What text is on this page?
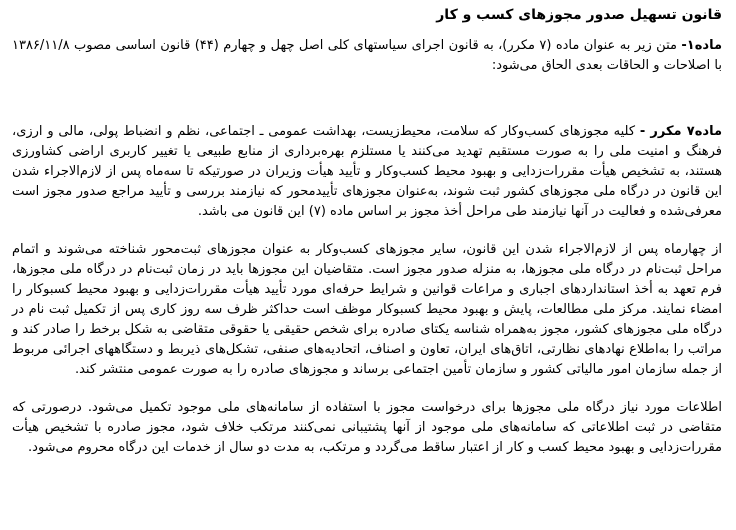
قانون تسهیل صدور مجوزهای کسب و کار

ماده۱- متن زیر به عنوان ماده (۷ مکرر)، به قانون اجرای سیاستهای کلی اصل چهل و چهارم (۴۴) قانون اساسی مصوب ۱۳۸۶/۱۱/۸ با اصلاحات و الحاقات بعدی الحاق می‌شود:

ماده۷ مکرر - کلیه مجوزهای کسب‌وکار که سلامت، محیط‌زیست، بهداشت عمومی ـ اجتماعی، نظم و انضباط پولی، مالی و ارزی، فرهنگ و امنیت ملی را به صورت مستقیم تهدید می‌کنند یا مستلزم بهره‌برداری از منابع طبیعی یا تغییر کاربری اراضی کشاورزی هستند، به تشخیص هیأت مقررات‌زدایی و بهبود محیط کسب‌وکار و تأیید هیأت وزیران در صورتیکه تا سه‌ماه پس از لازم‌الاجراء شدن این قانون در درگاه ملی مجوزهای کشور ثبت شوند، به‌عنوان مجوزهای تأییدمحور که نیازمند بررسی و تأیید مراجع صدور مجوز است معرفی‌شده و فعالیت در آنها نیازمند طی مراحل أخذ مجوز بر اساس ماده (۷) این قانون می باشد.

از چهارماه پس از لازم‌الاجراء شدن این قانون، سایر مجوزهای کسب‌وکار به عنوان مجوزهای ثبت‌محور شناخته می‌شوند و اتمام مراحل ثبت‌نام در درگاه ملی مجوزها، به منزله صدور مجوز است. متقاضیان این مجوزها باید در زمان ثبت‌نام در درگاه ملی مجوزها، فرم تعهد به أخذ استانداردهای اجباری و مراعات قوانین و شرایط حرفه‌ای مورد تأیید هیأت مقررات‌زدایی و بهبود محیط کسبوکار را امضاء نمایند. مرکز ملی مطالعات، پایش و بهبود محیط کسبوکار موظف است حداکثر ظرف سه روز کاری پس از تکمیل ثبت نام در درگاه ملی مجوزهای کشور، مجوز به‌همراه شناسه یکتای صادره برای شخص حقیقی یا حقوقی متقاضی به شکل برخط را صادر کند و مراتب را به‌اطلاع نهادهای نظارتی، اتاق‌های ایران، تعاون و اصناف، اتحادیه‌های صنفی، تشکل‌های ذیربط و دستگاههای اجرائی مربوط از جمله سازمان امور مالیاتی کشور و سازمان تأمین اجتماعی برساند و مجوزهای صادره را به صورت عمومی منتشر کند.

اطلاعات مورد نیاز درگاه ملی مجوزها برای درخواست مجوز با استفاده از سامانه‌های ملی موجود تکمیل می‌شود. درصورتی که متقاضی در ثبت اطلاعاتی که سامانه‌های ملی موجود از آنها پشتیبانی نمی‌کنند مرتکب خلاف شود، مجوز صادره با تشخیص هیأت مقررات‌زدایی و بهبود محیط کسب و کار از اعتبار ساقط می‌گردد و مرتکب، به مدت دو سال از خدمات این درگاه محروم می‌شود.
